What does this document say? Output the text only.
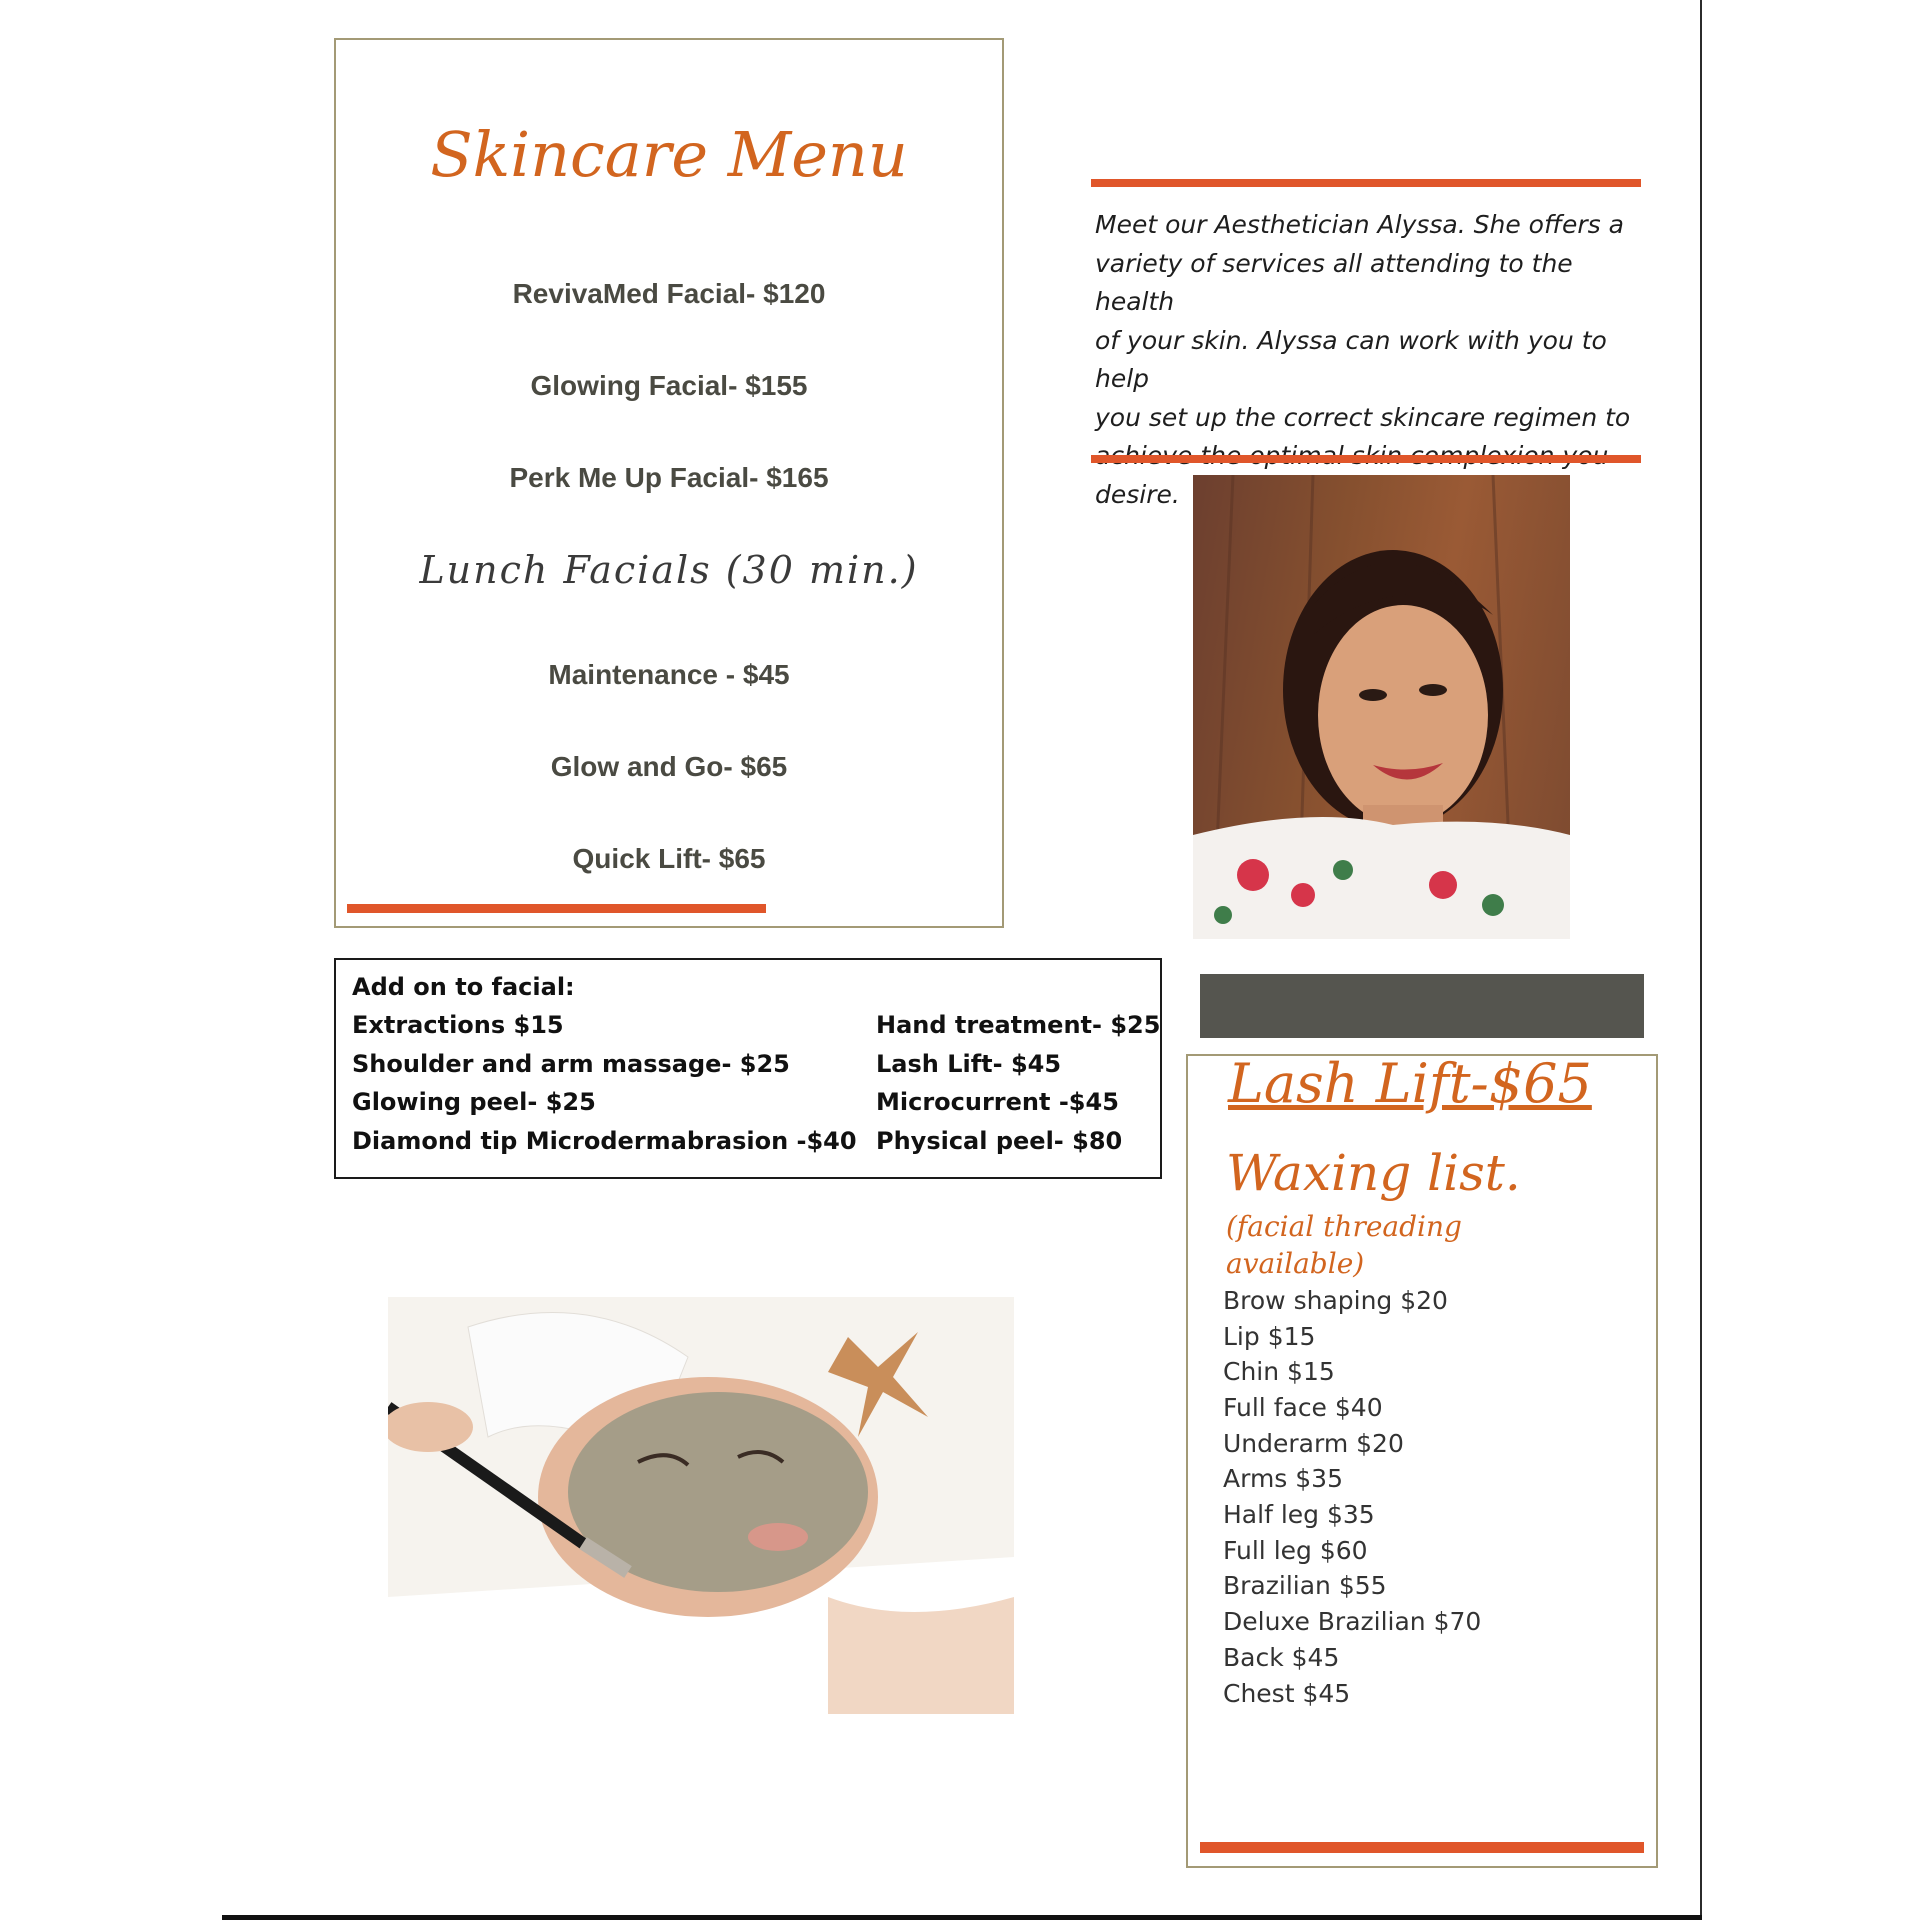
Skincare Menu
RevivaMed Facial- $120
Glowing Facial- $155
Perk Me Up Facial- $165
Lunch Facials (30 min.)
Maintenance - $45
Glow and Go- $65
Quick Lift- $65
Meet our Aesthetician Alyssa. She offers a
variety of services all attending to the health
of your skin. Alyssa can work with you to help
you set up the correct skincare regimen to
desire.
Add on to facial:
Extractions $15
Shoulder and arm massage- $25
Glowing peel- $25
Diamond tip Microdermabrasion -$40
Hand treatment- $25
Lash Lift- $45
Microcurrent -$45
Physical peel- $80
Lash Lift-$65
Waxing list.
(facial threading available)
Brow shaping $20
Lip $15
Chin $15
Full face $40
Underarm $20
Arms $35
Half leg $35
Full leg $60
Brazilian $55
Deluxe Brazilian $70
Back $45
Chest $45
